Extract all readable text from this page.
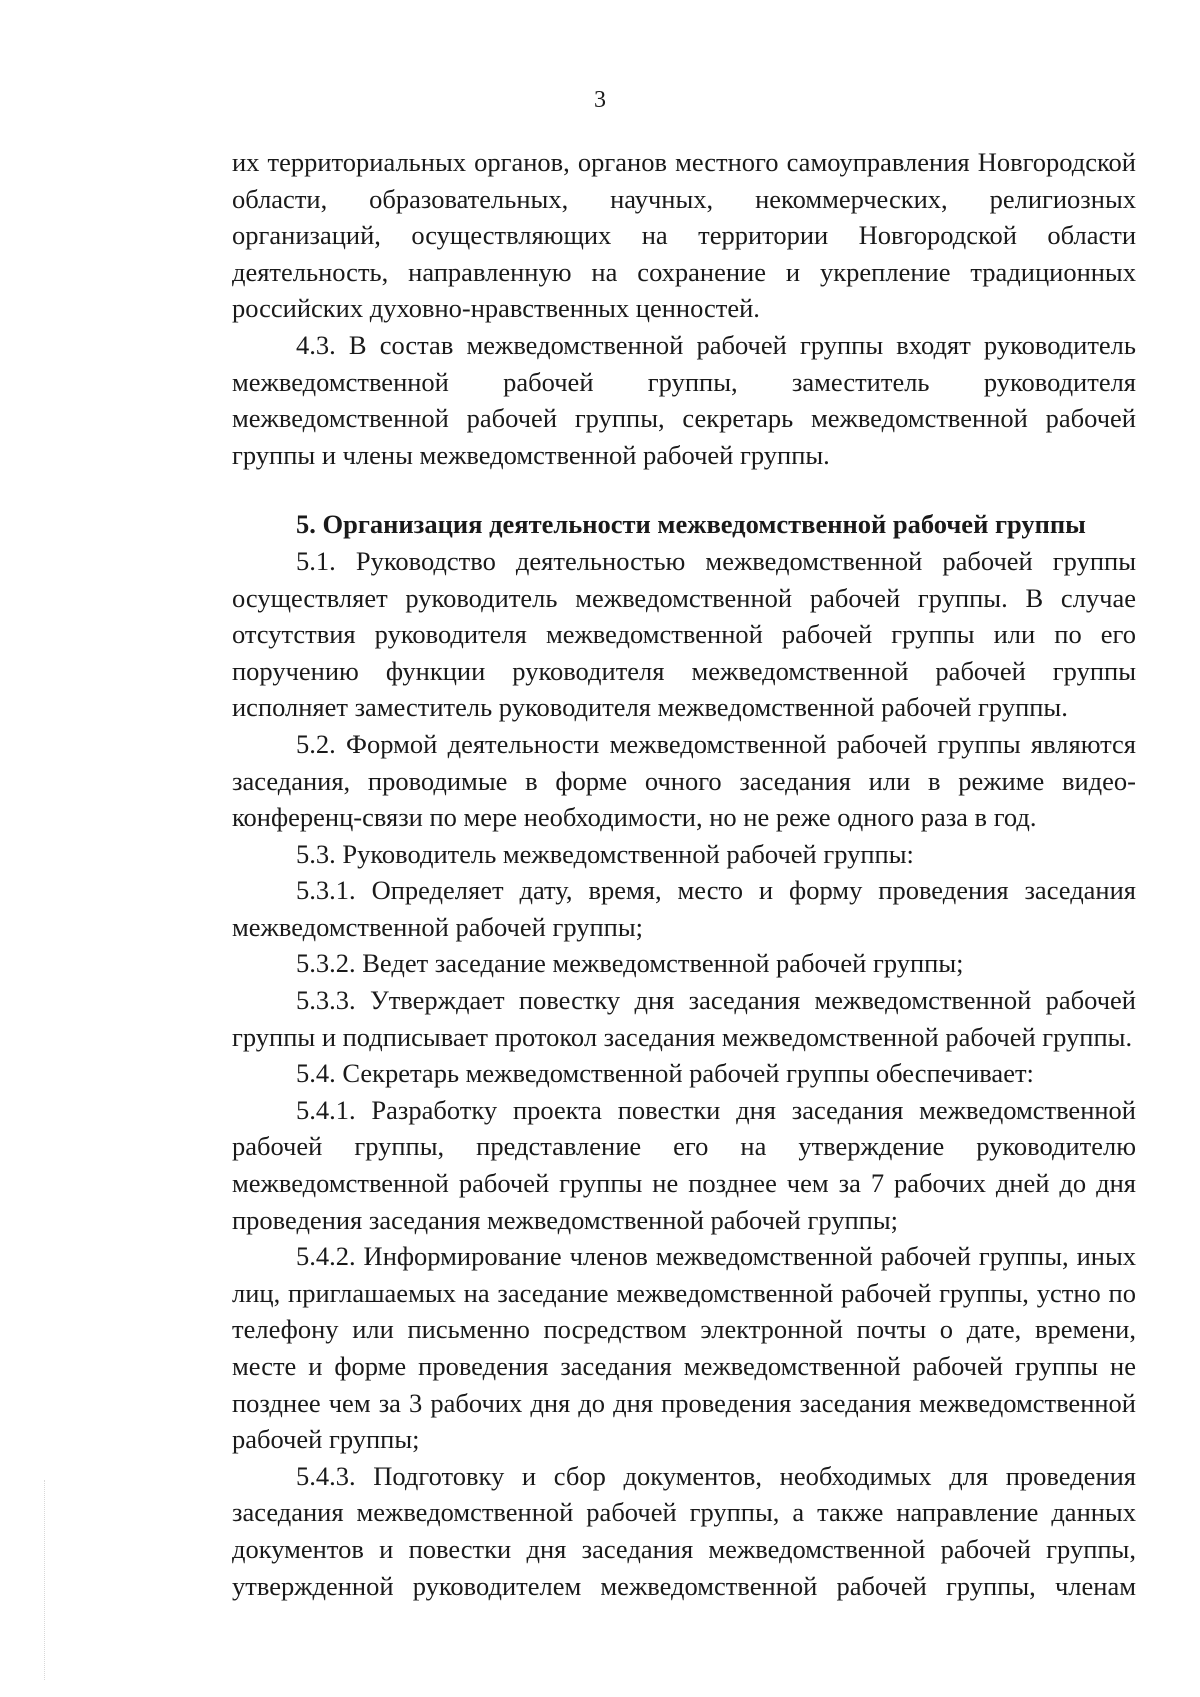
3

их территориальных органов, органов местного самоуправления Новгородской области, образовательных, научных, некоммерческих, религиозных организаций, осуществляющих на территории Новгородской области деятельность, направленную на сохранение и укрепление традиционных российских духовно-нравственных ценностей.

4.3. В состав межведомственной рабочей группы входят руководитель межведомственной рабочей группы, заместитель руководителя межведомственной рабочей группы, секретарь межведомственной рабочей группы и члены межведомственной рабочей группы.

5. Организация деятельности межведомственной рабочей группы

5.1. Руководство деятельностью межведомственной рабочей группы осуществляет руководитель межведомственной рабочей группы. В случае отсутствия руководителя межведомственной рабочей группы или по его поручению функции руководителя межведомственной рабочей группы исполняет заместитель руководителя межведомственной рабочей группы.

5.2. Формой деятельности межведомственной рабочей группы являются заседания, проводимые в форме очного заседания или в режиме видео-конференц-связи по мере необходимости, но не реже одного раза в год.

5.3. Руководитель межведомственной рабочей группы:

5.3.1. Определяет дату, время, место и форму проведения заседания межведомственной рабочей группы;

5.3.2. Ведет заседание межведомственной рабочей группы;

5.3.3. Утверждает повестку дня заседания межведомственной рабочей группы и подписывает протокол заседания межведомственной рабочей группы.

5.4. Секретарь межведомственной рабочей группы обеспечивает:

5.4.1. Разработку проекта повестки дня заседания межведомственной рабочей группы, представление его на утверждение руководителю межведомственной рабочей группы не позднее чем за 7 рабочих дней до дня проведения заседания межведомственной рабочей группы;

5.4.2. Информирование членов межведомственной рабочей группы, иных лиц, приглашаемых на заседание межведомственной рабочей группы, устно по телефону или письменно посредством электронной почты о дате, времени, месте и форме проведения заседания межведомственной рабочей группы не позднее чем за 3 рабочих дня до дня проведения заседания межведомственной рабочей группы;

5.4.3. Подготовку и сбор документов, необходимых для проведения заседания межведомственной рабочей группы, а также направление данных документов и повестки дня заседания межведомственной рабочей группы, утвержденной руководителем межведомственной рабочей группы, членам
